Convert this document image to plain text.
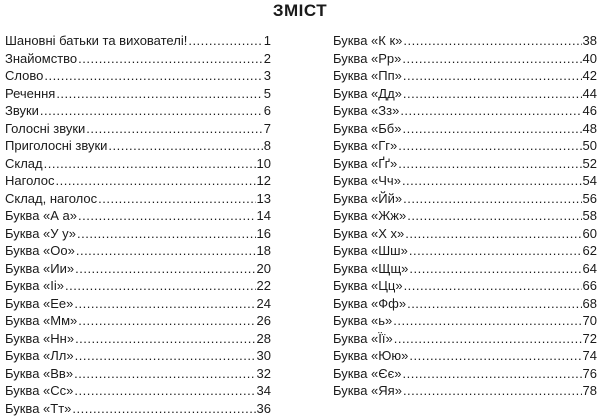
ЗМІСТ
Шановні батьки та вихователі! .....	1
Знайомство .....	2
Слово .....	3
Речення .....	5
Звуки .....	6
Голосні звуки .....	7
Приголосні звуки .....	8
Склад .....	10
Наголос .....	12
Склад, наголос .....	13
Буква «А а» .....	14
Буква «У у» .....	16
Буква «Оо» .....	18
Буква «Ии» .....	20
Буква «Іі» .....	22
Буква «Ее» .....	24
Буква «Мм» .....	26
Буква «Нн» .....	28
Буква «Лл» .....	30
Буква «Вв» .....	32
Буква «Сс» .....	34
Буква «Тт» .....	36
Буква «К к» .....	38
Буква «Рр» .....	40
Буква «Пп» .....	42
Буква «Дд» .....	44
Буква «Зз» .....	46
Буква «Бб» .....	48
Буква «Гг» .....	50
Буква «Ґґ» .....	52
Буква «Чч» .....	54
Буква «Йй» .....	56
Буква «Жж» .....	58
Буква «Х х» .....	60
Буква «Шш» .....	62
Буква «Щщ» .....	64
Буква «Цц» .....	66
Буква «Фф» .....	68
Буква «ь» .....	70
Буква «Її» .....	72
Буква «Юю» .....	74
Буква «Єє» .....	76
Буква «Яя» .....	78
